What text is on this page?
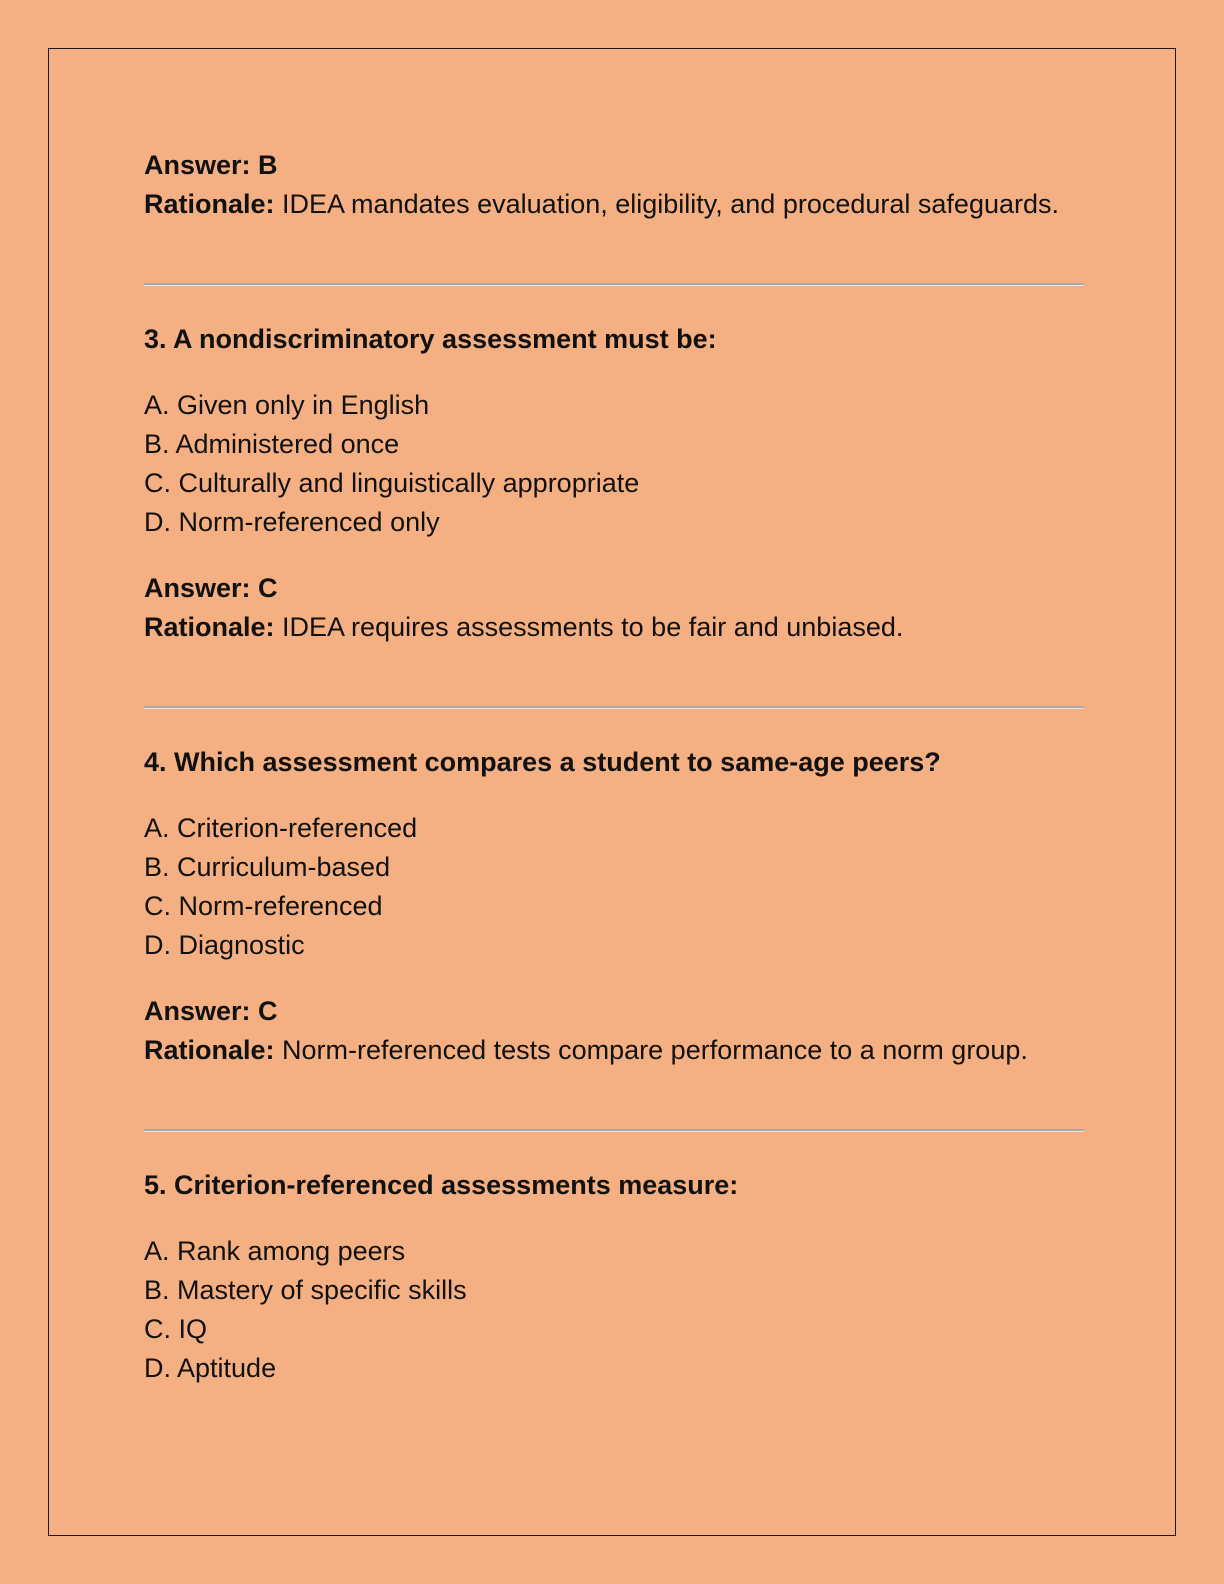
Answer: B

Rationale: IDEA mandates evaluation, eligibility, and procedural safeguards.

3. A nondiscriminatory assessment must be:

A. Given only in English
B. Administered once
C. Culturally and linguistically appropriate
D. Norm-referenced only

Answer: C

Rationale: IDEA requires assessments to be fair and unbiased.

4. Which assessment compares a student to same-age peers?

A. Criterion-referenced
B. Curriculum-based
C. Norm-referenced
D. Diagnostic

Answer: C

Rationale: Norm-referenced tests compare performance to a norm group.

5. Criterion-referenced assessments measure:

A. Rank among peers
B. Mastery of specific skills
C. IQ
D. Aptitude
